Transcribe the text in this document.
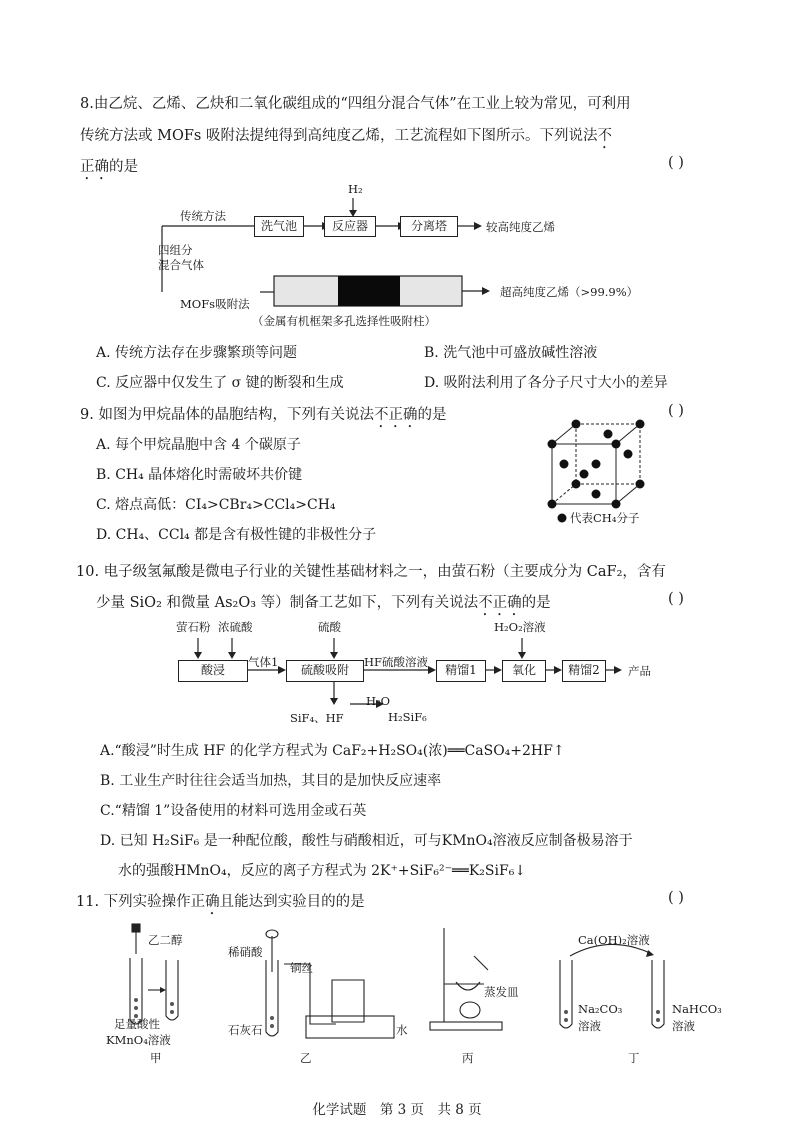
8.由乙烷、乙烯、乙炔和二氧化碳组成的“四组分混合气体”在工业上较为常见，可利用
传统方法或 MOFs 吸附法提纯得到高纯度乙烯，工艺流程如下图所示。下列说法不
正确的是	( )
传统方法
H₂
洗气池	反应器	分离塔	较高纯度乙烯
四组分
混合气体
MOFs吸附法
超高纯度乙烯（>99.9%）
（金属有机框架多孔选择性吸附柱）
A. 传统方法存在步骤繁琐等问题	B. 洗气池中可盛放碱性溶液
C. 反应器中仅发生了 σ 键的断裂和生成	D. 吸附法利用了各分子尺寸大小的差异
9. 如图为甲烷晶体的晶胞结构，下列有关说法不正确的是	( )
A. 每个甲烷晶胞中含 4 个碳原子
B. CH₄ 晶体熔化时需破坏共价键
C. 熔点高低：CI₄>CBr₄>CCl₄>CH₄
D. CH₄、CCl₄ 都是含有极性键的非极性分子
代表CH₄分子
10. 电子级氢氟酸是微电子行业的关键性基础材料之一，由萤石粉（主要成分为 CaF₂，含有
少量 SiO₂ 和微量 As₂O₃ 等）制备工艺如下，下列有关说法不正确的是	( )
萤石粉 浓硫酸	硫酸	H₂O₂溶液
酸浸
气体1
硫酸吸附
HF硫酸溶液
精馏1	氧化	精馏2	产品
SiF₄、HF
H₂O
H₂SiF₆
A.“酸浸”时生成 HF 的化学方程式为 CaF₂+H₂SO₄(浓)══CaSO₄+2HF↑
B. 工业生产时往往会适当加热，其目的是加快反应速率
C.“精馏 1”设备使用的材料可选用金或石英
D. 已知 H₂SiF₆ 是一种配位酸，酸性与硝酸相近，可与KMnO₄溶液反应制备极易溶于
水的强酸HMnO₄，反应的离子方程式为 2K⁺+SiF₆²⁻══K₂SiF₆↓
11. 下列实验操作正确且能达到实验目的的是	( )
乙二醇
足量酸性
KMnO₄溶液
甲
稀硝酸
铜丝
石灰石	水
乙
蒸发皿
丙
Ca(OH)₂溶液
Na₂CO₃
溶液
NaHCO₃
溶液
丁
化学试题　第 3 页　共 8 页
